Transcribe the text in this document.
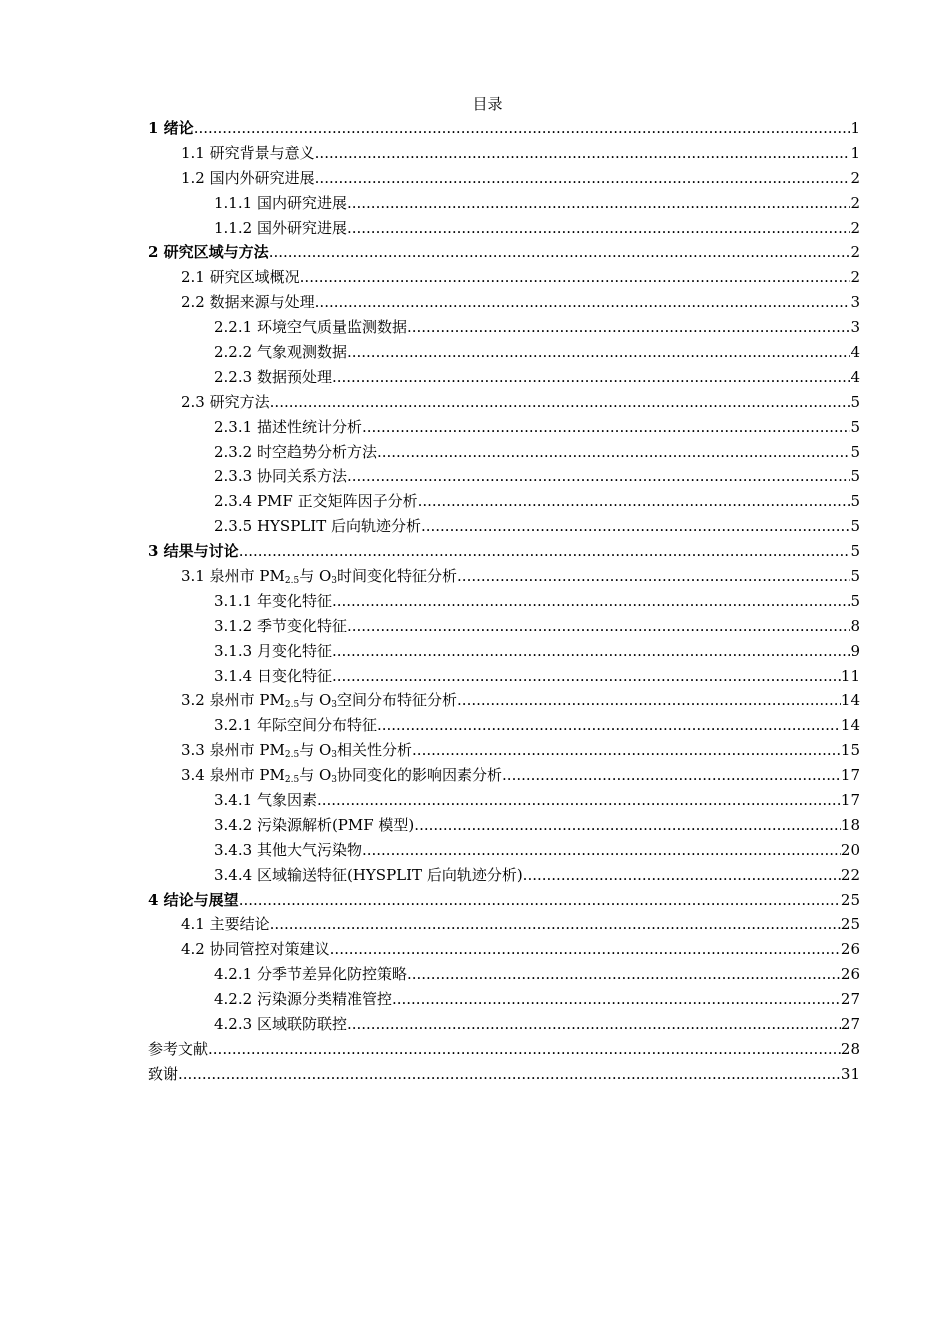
目录
1 绪论 .....	1
1.1 研究背景与意义 .....	1
1.2 国内外研究进展 .....	2
1.1.1 国内研究进展 .....	2
1.1.2 国外研究进展 .....	2
2 研究区域与方法 .....	2
2.1 研究区域概况 .....	2
2.2 数据来源与处理 .....	3
2.2.1 环境空气质量监测数据 .....	3
2.2.2 气象观测数据 .....	4
2.2.3 数据预处理 .....	4
2.3 研究方法 .....	5
2.3.1 描述性统计分析 .....	5
2.3.2 时空趋势分析方法 .....	5
2.3.3 协同关系方法 .....	5
2.3.4 PMF 正交矩阵因子分析 .....	5
2.3.5 HYSPLIT 后向轨迹分析 .....	5
3 结果与讨论 .....	5
3.1 泉州市 $PM_{2.5}$与 $O_3$时间变化特征分析 .....	5
3.1.1 年变化特征 .....	5
3.1.2 季节变化特征 .....	8
3.1.3 月变化特征 .....	9
3.1.4 日变化特征 .....	11
3.2 泉州市 $PM_{2.5}$与 $O_3$空间分布特征分析 .....	14
3.2.1 年际空间分布特征 .....	14
3.3 泉州市 $PM_{2.5}$与 $O_3$相关性分析 .....	15
3.4 泉州市 $PM_{2.5}$与 $O_3$协同变化的影响因素分析 .....	17
3.4.1 气象因素 .....	17
3.4.2 污染源解析(PMF 模型) .....	18
3.4.3 其他大气污染物 .....	20
3.4.4 区域输送特征(HYSPLIT 后向轨迹分析) .....	22
4 结论与展望 .....	25
4.1 主要结论 .....	25
4.2 协同管控对策建议 .....	26
4.2.1 分季节差异化防控策略 .....	26
4.2.2 污染源分类精准管控 .....	27
4.2.3 区域联防联控 .....	27
参考文献 .....	28
致谢 .....	31
